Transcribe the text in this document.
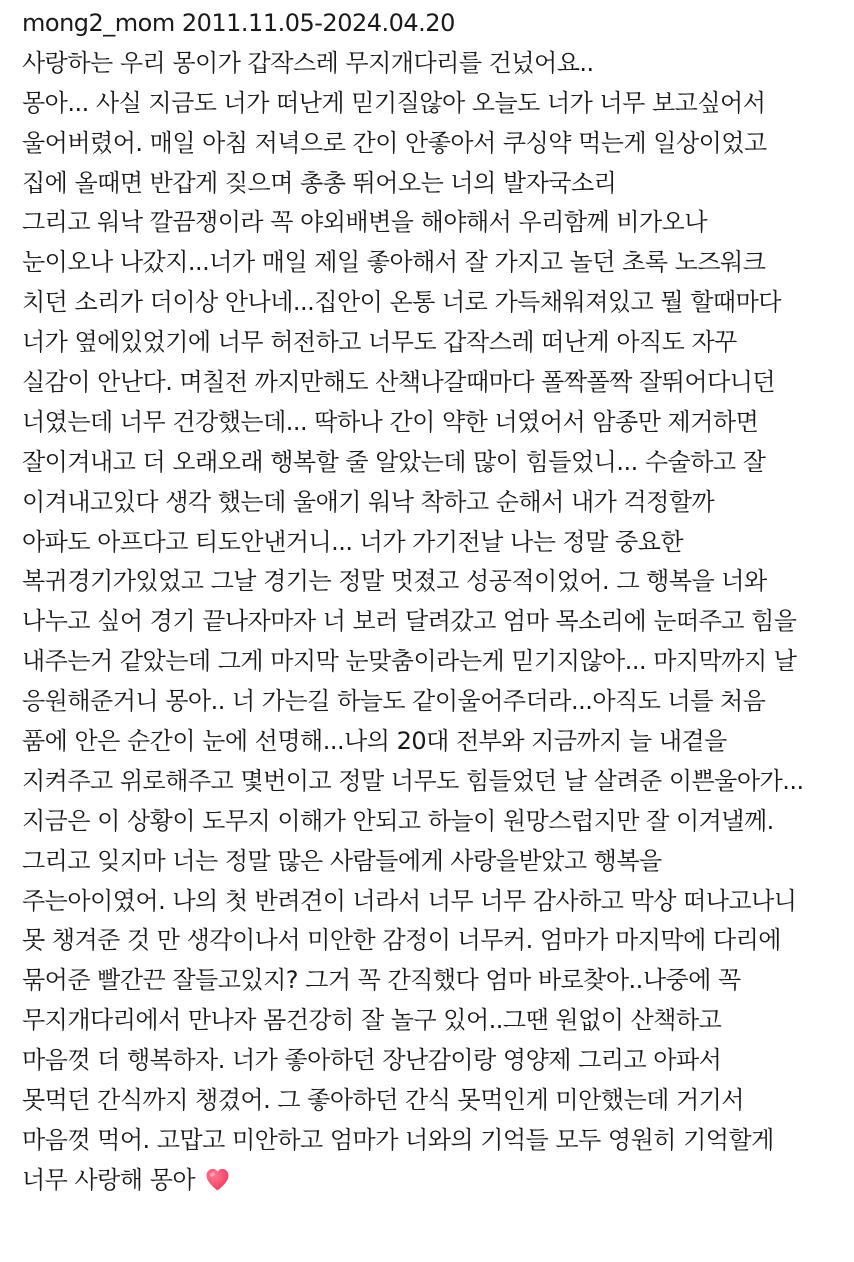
mong2_mom 2011.11.05-2024.04.20
사랑하는 우리 몽이가 갑작스레 무지개다리를 건넜어요..
몽아... 사실 지금도 너가 떠난게 믿기질않아 오늘도 너가 너무 보고싶어서
울어버렸어. 매일 아침 저녁으로 간이 안좋아서 쿠싱약 먹는게 일상이었고
집에 올때면 반갑게 짖으며 총총 뛰어오는 너의 발자국소리
그리고 워낙 깔끔쟁이라 꼭 야외배변을 해야해서 우리함께 비가오나
눈이오나 나갔지...너가 매일 제일 좋아해서 잘 가지고 놀던 초록 노즈워크
치던 소리가 더이상 안나네...집안이 온통 너로 가득채워져있고 뭘 할때마다
너가 옆에있었기에 너무 허전하고 너무도 갑작스레 떠난게 아직도 자꾸
실감이 안난다. 며칠전 까지만해도 산책나갈때마다 폴짝폴짝 잘뛰어다니던
너였는데 너무 건강했는데... 딱하나 간이 약한 너였어서 암종만 제거하면
잘이겨내고 더 오래오래 행복할 줄 알았는데 많이 힘들었니... 수술하고 잘
이겨내고있다 생각 했는데 울애기 워낙 착하고 순해서 내가 걱정할까
아파도 아프다고 티도안낸거니... 너가 가기전날 나는 정말 중요한
복귀경기가있었고 그날 경기는 정말 멋졌고 성공적이었어. 그 행복을 너와
나누고 싶어 경기 끝나자마자 너 보러 달려갔고 엄마 목소리에 눈떠주고 힘을
내주는거 같았는데 그게 마지막 눈맞춤이라는게 믿기지않아... 마지막까지 날
응원해준거니 몽아.. 너 가는길 하늘도 같이울어주더라...아직도 너를 처음
품에 안은 순간이 눈에 선명해...나의 20대 전부와 지금까지 늘 내곁을
지켜주고 위로해주고 몇번이고 정말 너무도 힘들었던 날 살려준 이쁜울아가...
지금은 이 상황이 도무지 이해가 안되고 하늘이 원망스럽지만 잘 이겨낼께.
그리고 잊지마 너는 정말 많은 사람들에게 사랑을받았고 행복을
주는아이였어. 나의 첫 반려견이 너라서 너무 너무 감사하고 막상 떠나고나니
못 챙겨준 것 만 생각이나서 미안한 감정이 너무커. 엄마가 마지막에 다리에
묶어준 빨간끈 잘들고있지? 그거 꼭 간직했다 엄마 바로찾아..나중에 꼭
무지개다리에서 만나자 몸건강히 잘 놀구 있어..그땐 원없이 산책하고
마음껏 더 행복하자. 너가 좋아하던 장난감이랑 영양제 그리고 아파서
못먹던 간식까지 챙겼어. 그 좋아하던 간식 못먹인게 미안했는데 거기서
마음껏 먹어. 고맙고 미안하고 엄마가 너와의 기억들 모두 영원히 기억할게
너무 사랑해 몽아
